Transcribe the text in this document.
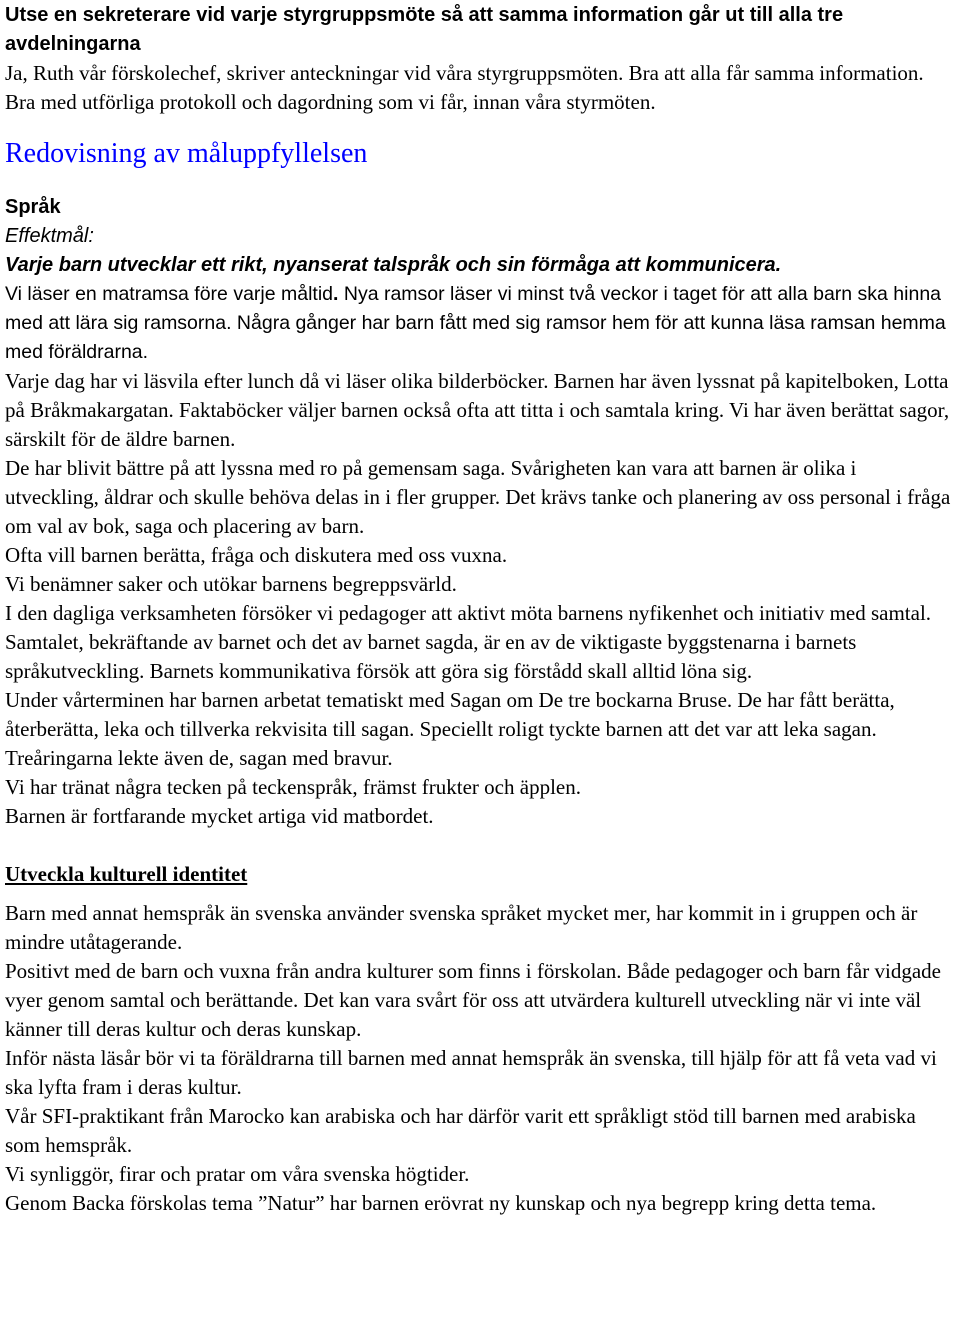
Utse en sekreterare vid varje styrgruppsmöte så att samma information går ut till alla tre avdelningarna

Ja, Ruth vår förskolechef, skriver anteckningar vid våra styrgruppsmöten. Bra att alla får samma information. Bra med utförliga protokoll och dagordning som vi får, innan våra styrmöten.

Redovisning av måluppfyllelsen

Språk

Effektmål:

Varje barn utvecklar ett rikt, nyanserat talspråk och sin förmåga att kommunicera.

Vi läser en matramsa före varje måltid. Nya ramsor läser vi minst två veckor i taget för att alla barn ska hinna med att lära sig ramsorna. Några gånger har barn fått med sig ramsor hem för att kunna läsa ramsan hemma med föräldrarna.

Varje dag har vi läsvila efter lunch då vi läser olika bilderböcker. Barnen har även lyssnat på kapitelboken, Lotta på Bråkmakargatan. Faktaböcker väljer barnen också ofta att titta i och samtala kring. Vi har även berättat sagor, särskilt för de äldre barnen.

De har blivit bättre på att lyssna med ro på gemensam saga. Svårigheten kan vara att barnen är olika i utveckling, åldrar och skulle behöva delas in i fler grupper. Det krävs tanke och planering av oss personal i fråga om val av bok, saga och placering av barn.

Ofta vill barnen berätta, fråga och diskutera med oss vuxna.

Vi benämner saker och utökar barnens begreppsvärld.

I den dagliga verksamheten försöker vi pedagoger att aktivt möta barnens nyfikenhet och initiativ med samtal. Samtalet, bekräftande av barnet och det av barnet sagda, är en av de viktigaste byggstenarna i barnets språkutveckling. Barnets kommunikativa försök att göra sig förstådd skall alltid löna sig.

Under vårterminen har barnen arbetat tematiskt med Sagan om De tre bockarna Bruse. De har fått berätta, återberätta, leka och tillverka rekvisita till sagan. Speciellt roligt tyckte barnen att det var att leka sagan. Treåringarna lekte även de, sagan med bravur.

Vi har tränat några tecken på teckenspråk, främst frukter och äpplen.

Barnen är fortfarande mycket artiga vid matbordet.

Utveckla kulturell identitet

Barn med annat hemspråk än svenska använder svenska språket mycket mer, har kommit in i gruppen och är mindre utåtagerande.

Positivt med de barn och vuxna från andra kulturer som finns i förskolan. Både pedagoger och barn får vidgade vyer genom samtal och berättande. Det kan vara svårt för oss att utvärdera kulturell utveckling när vi inte väl känner till deras kultur och deras kunskap.

Inför nästa läsår bör vi ta föräldrarna till barnen med annat hemspråk än svenska, till hjälp för att få veta vad vi ska lyfta fram i deras kultur.

Vår SFI-praktikant från Marocko kan arabiska och har därför varit ett språkligt stöd till barnen med arabiska som hemspråk.

Vi synliggör, firar och pratar om våra svenska högtider.

Genom Backa förskolas tema ”Natur” har barnen erövrat ny kunskap och nya begrepp kring detta tema.
